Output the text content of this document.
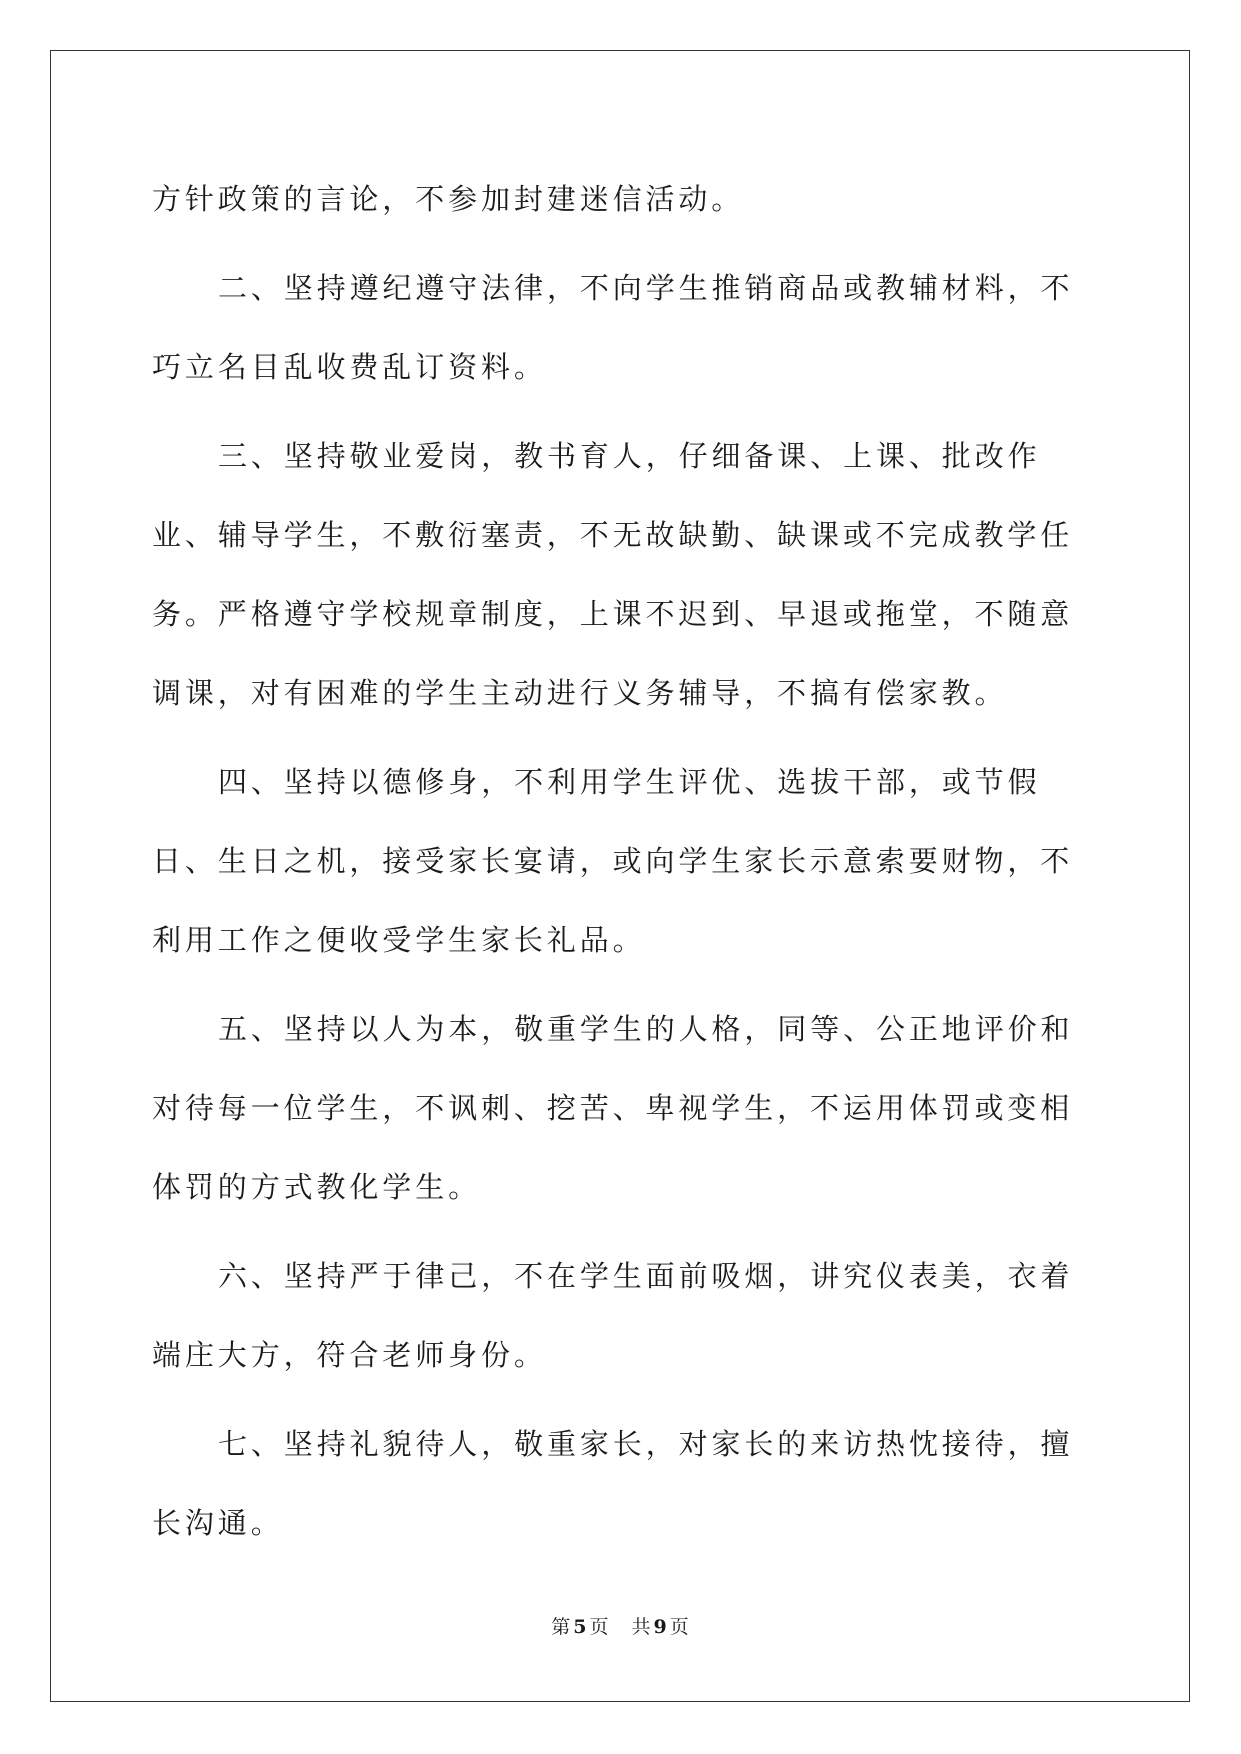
方针政策的言论，不参加封建迷信活动。

二、坚持遵纪遵守法律，不向学生推销商品或教辅材料，不巧立名目乱收费乱订资料。

三、坚持敬业爱岗，教书育人，仔细备课、上课、批改作业、辅导学生，不敷衍塞责，不无故缺勤、缺课或不完成教学任务。严格遵守学校规章制度，上课不迟到、早退或拖堂，不随意调课，对有困难的学生主动进行义务辅导，不搞有偿家教。

四、坚持以德修身，不利用学生评优、选拔干部，或节假日、生日之机，接受家长宴请，或向学生家长示意索要财物，不利用工作之便收受学生家长礼品。

五、坚持以人为本，敬重学生的人格，同等、公正地评价和对待每一位学生，不讽刺、挖苦、卑视学生，不运用体罚或变相体罚的方式教化学生。

六、坚持严于律己，不在学生面前吸烟，讲究仪表美，衣着端庄大方，符合老师身份。

七、坚持礼貌待人，敬重家长，对家长的来访热忱接待，擅长沟通。

第 5 页 共 9 页
